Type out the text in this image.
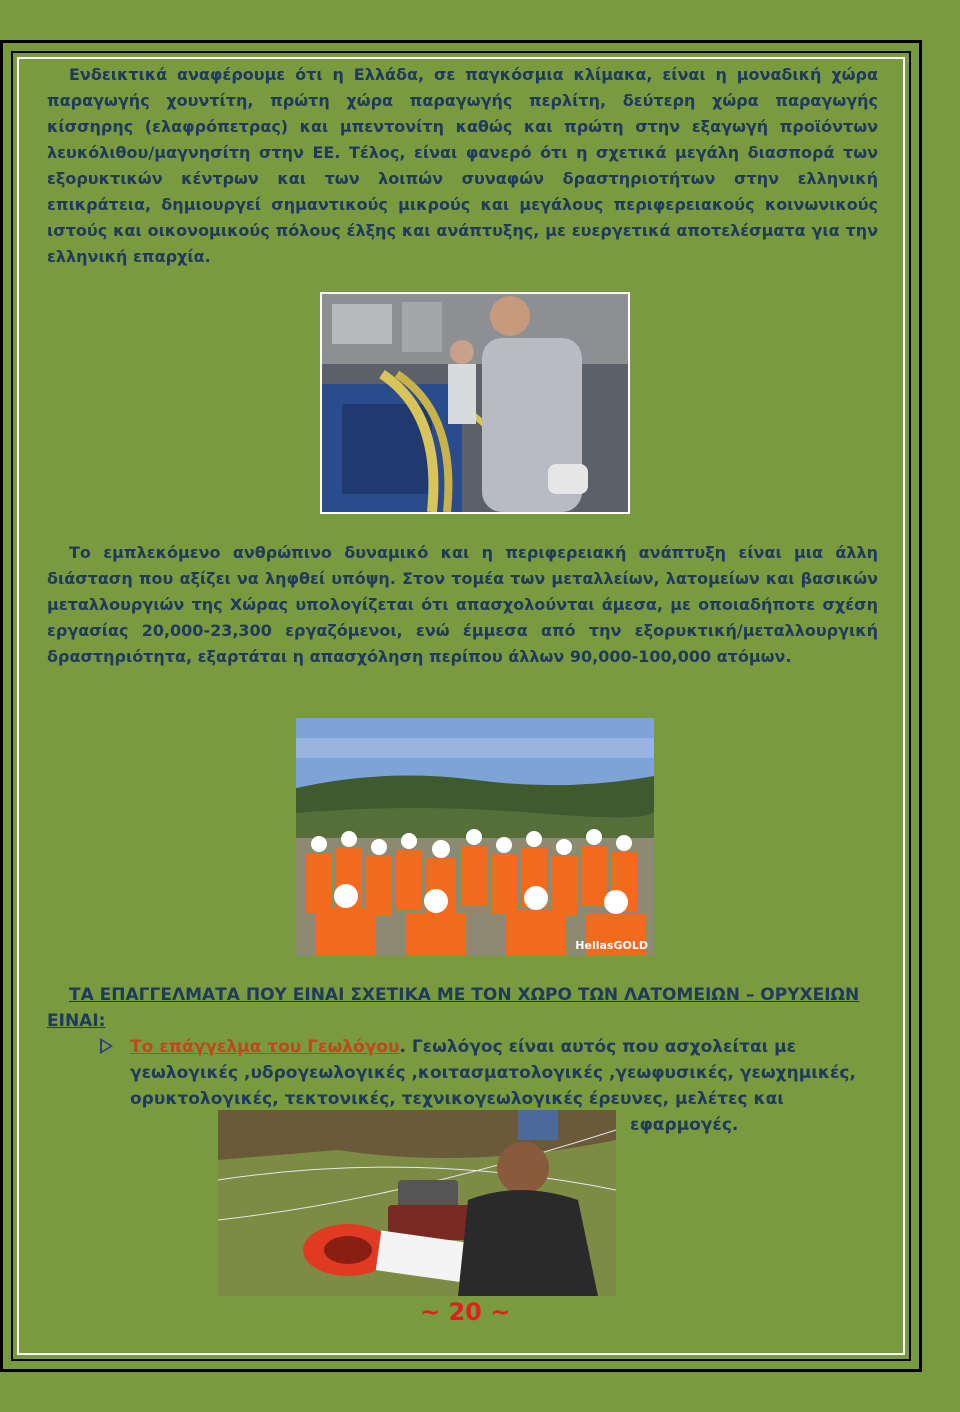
Ενδεικτικά αναφέρουμε ότι η Ελλάδα, σε παγκόσμια κλίμακα, είναι η μοναδική χώρα παραγωγής χουντίτη, πρώτη χώρα παραγωγής περλίτη, δεύτερη χώρα παραγωγής κίσσηρης (ελαφρόπετρας) και μπεντονίτη καθώς και πρώτη στην εξαγωγή προϊόντων λευκόλιθου/μαγνησίτη στην ΕΕ. Τέλος, είναι φανερό ότι η σχετικά μεγάλη διασπορά των εξορυκτικών κέντρων και των λοιπών συναφών δραστηριοτήτων στην ελληνική επικράτεια, δημιουργεί σημαντικούς μικρούς και μεγάλους περιφερειακούς κοινωνικούς ιστούς και οικονομικούς πόλους έλξης και ανάπτυξης, με ευεργετικά αποτελέσματα για την ελληνική επαρχία.
Το εμπλεκόμενο ανθρώπινο δυναμικό και η περιφερειακή ανάπτυξη είναι μια άλλη διάσταση που αξίζει να ληφθεί υπόψη. Στον τομέα των μεταλλείων, λατομείων και βασικών μεταλλουργιών της Χώρας υπολογίζεται ότι απασχολούνται άμεσα, με οποιαδήποτε σχέση εργασίας 20,000-23,300 εργαζόμενοι, ενώ έμμεσα από την εξορυκτική/μεταλλουργική δραστηριότητα, εξαρτάται η απασχόληση περίπου άλλων 90,000-100,000 ατόμων.
HellasGOLD
ΤΑ ΕΠΑΓΓΕΛΜΑΤΑ ΠΟΥ ΕΙΝΑΙ ΣΧΕΤΙΚΑ ΜΕ ΤΟΝ ΧΩΡΟ ΤΩΝ ΛΑΤΟΜΕΙΩΝ – ΟΡΥΧΕΙΩΝ ΕΙΝΑΙ:
Το επάγγελμα του Γεωλόγου. Γεωλόγος είναι αυτός που ασχολείται με γεωλογικές ,υδρογεωλογικές ,κοιτασματολογικές ,γεωφυσικές, γεωχημικές, ορυκτολογικές, τεκτονικές, τεχνικογεωλογικές έρευνες, μελέτες και
εφαρμογές.
~ 20 ~
